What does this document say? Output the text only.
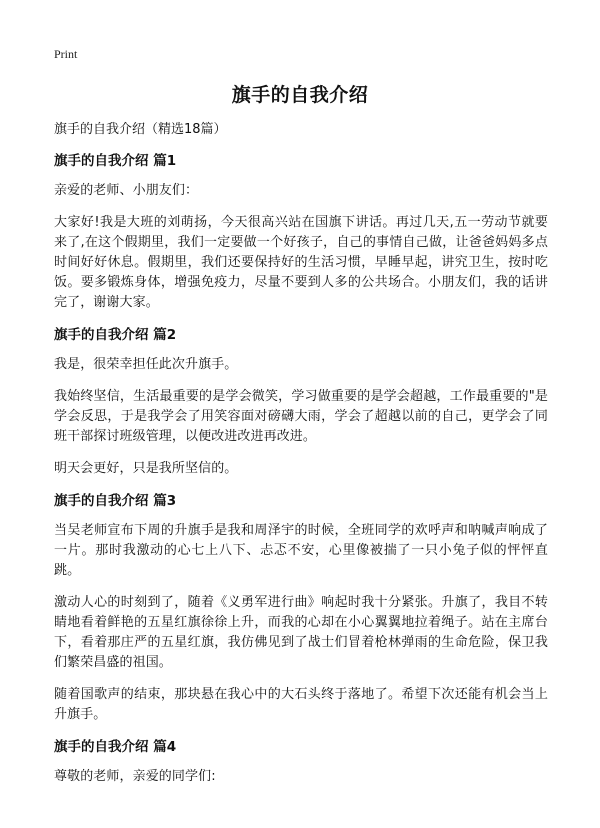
Print
旗手的自我介绍
旗手的自我介绍（精选18篇）
旗手的自我介绍 篇1

亲爱的老师、小朋友们：

大家好!我是大班的刘萌扬，今天很高兴站在国旗下讲话。再过几天,五一劳动节就要来了,在这个假期里，我们一定要做一个好孩子，自己的事情自己做，让爸爸妈妈多点时间好好休息。假期里，我们还要保持好的生活习惯，早睡早起，讲究卫生，按时吃饭。要多锻炼身体，增强免疫力，尽量不要到人多的公共场合。小朋友们，我的话讲完了，谢谢大家。

旗手的自我介绍 篇2

我是，很荣幸担任此次升旗手。

我始终坚信，生活最重要的是学会微笑，学习做重要的是学会超越，工作最重要的"是学会反思，于是我学会了用笑容面对磅礴大雨，学会了超越以前的自己，更学会了同班干部探讨班级管理，以便改进改进再改进。

明天会更好，只是我所坚信的。

旗手的自我介绍 篇3

当吴老师宣布下周的升旗手是我和周泽宇的时候，全班同学的欢呼声和呐喊声响成了一片。那时我激动的心七上八下、忐忑不安，心里像被揣了一只小兔子似的怦怦直跳。

激动人心的时刻到了，随着《义勇军进行曲》响起时我十分紧张。升旗了，我目不转睛地看着鲜艳的五星红旗徐徐上升，而我的心却在小心翼翼地拉着绳子。站在主席台下，看着那庄严的五星红旗，我仿佛见到了战士们冒着枪林弹雨的生命危险，保卫我们繁荣昌盛的祖国。

随着国歌声的结束，那块悬在我心中的大石头终于落地了。希望下次还能有机会当上升旗手。

旗手的自我介绍 篇4

尊敬的老师，亲爱的同学们:
